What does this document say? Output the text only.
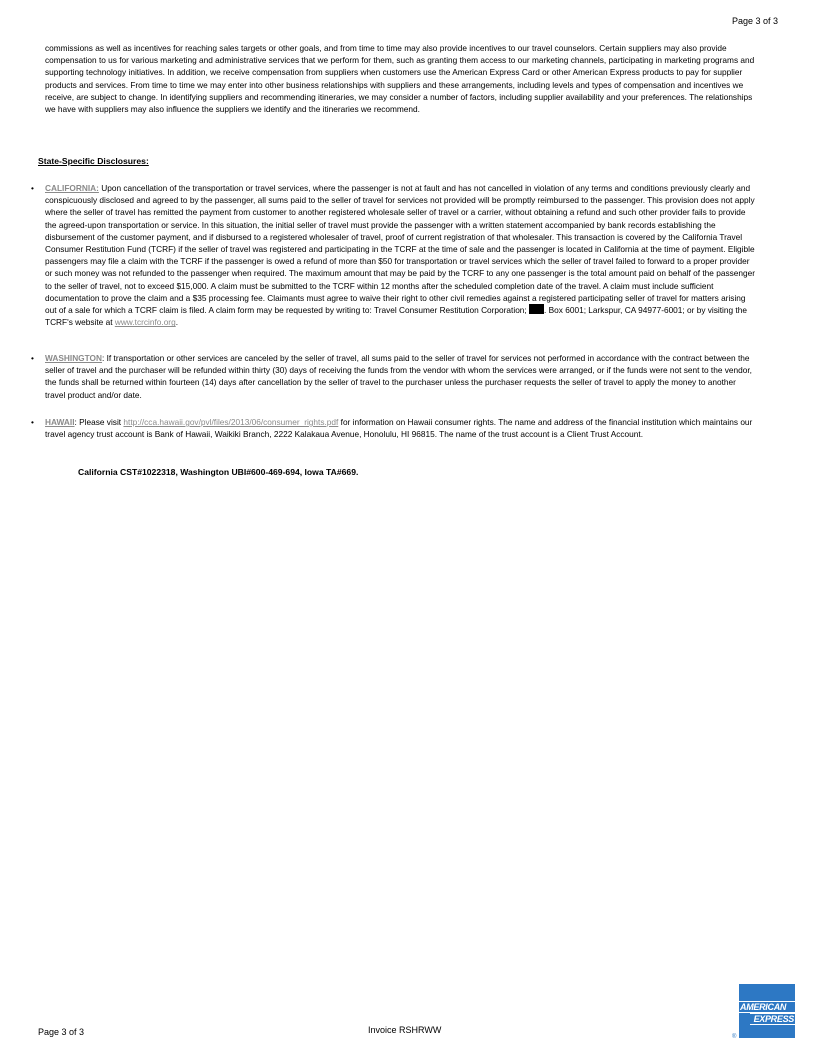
Page 3 of 3
commissions as well as incentives for reaching sales targets or other goals, and from time to time may also provide incentives to our travel counselors. Certain suppliers may also provide compensation to us for various marketing and administrative services that we perform for them, such as granting them access to our marketing channels, participating in marketing programs and supporting technology initiatives. In addition, we receive compensation from suppliers when customers use the American Express Card or other American Express products to pay for supplier products and services. From time to time we may enter into other business relationships with suppliers and these arrangements, including levels and types of compensation and incentives we receive, are subject to change. In identifying suppliers and recommending itineraries, we may consider a number of factors, including supplier availability and your preferences. The relationships we have with suppliers may also influence the suppliers we identify and the itineraries we recommend.
State-Specific Disclosures:
• CALIFORNIA: Upon cancellation of the transportation or travel services, where the passenger is not at fault and has not cancelled in violation of any terms and conditions previously clearly and conspicuously disclosed and agreed to by the passenger, all sums paid to the seller of travel for services not provided will be promptly reimbursed to the passenger. This provision does not apply where the seller of travel has remitted the payment from customer to another registered wholesale seller of travel or a carrier, without obtaining a refund and such other provider fails to provide the agreed-upon transportation or service. In this situation, the initial seller of travel must provide the passenger with a written statement accompanied by bank records establishing the disbursement of the customer payment, and if disbursed to a registered wholesaler of travel, proof of current registration of that wholesaler. This transaction is covered by the California Travel Consumer Restitution Fund (TCRF) if the seller of travel was registered and participating in the TCRF at the time of sale and the passenger is located in California at the time of payment. Eligible passengers may file a claim with the TCRF if the passenger is owed a refund of more than $50 for transportation or travel services which the seller of travel failed to forward to a proper provider or such money was not refunded to the passenger when required. The maximum amount that may be paid by the TCRF to any one passenger is the total amount paid on behalf of the passenger to the seller of travel, not to exceed $15,000. A claim must be submitted to the TCRF within 12 months after the scheduled completion date of the travel. A claim must include sufficient documentation to prove the claim and a $35 processing fee. Claimants must agree to waive their right to other civil remedies against a registered participating seller of travel for matters arising out of a sale for which a TCRF claim is filed. A claim form may be requested by writing to: Travel Consumer Restitution Corporation; . Box 6001; Larkspur, CA 94977-6001; or by visiting the TCRF's website at www.tcrcinfo.org.
• WASHINGTON: If transportation or other services are canceled by the seller of travel, all sums paid to the seller of travel for services not performed in accordance with the contract between the seller of travel and the purchaser will be refunded within thirty (30) days of receiving the funds from the vendor with whom the services were arranged, or if the funds were not sent to the vendor, the funds shall be returned within fourteen (14) days after cancellation by the seller of travel to the purchaser unless the purchaser requests the seller of travel to apply the money to another travel product and/or date.
• HAWAII: Please visit http://cca.hawaii.gov/pvl/files/2013/06/consumer_rights.pdf for information on Hawaii consumer rights. The name and address of the financial institution which maintains our travel agency trust account is Bank of Hawaii, Waikiki Branch, 2222 Kalakaua Avenue, Honolulu, HI 96815. The name of the trust account is a Client Trust Account.
California CST#1022318, Washington UBI#600-469-694, Iowa TA#669.
Page 3 of 3	Invoice RSHRWW
AMERICAN
EXPRESS
®
